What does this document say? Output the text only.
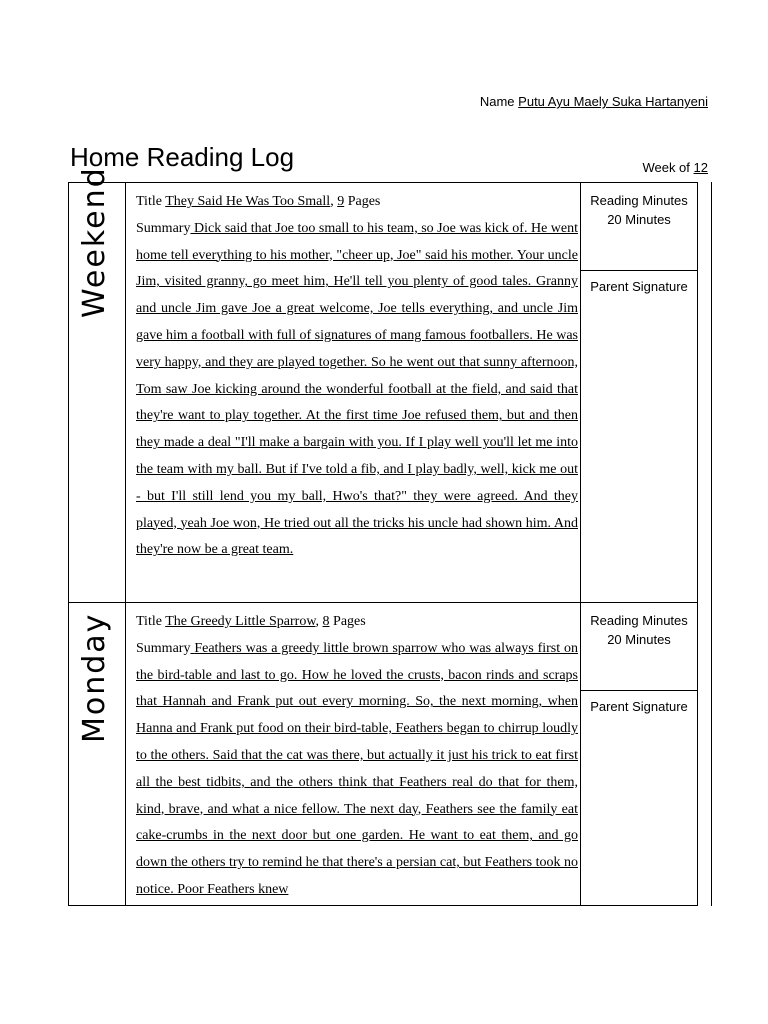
Name Putu Ayu Maely Suka Hartanyeni
Home Reading Log	Week of 12
Weekend Title They Said He Was Too Small, 9 Pages
Summary Dick said that Joe too small to his team, so Joe was kick of. He went home tell everything to his mother, "cheer up, Joe" said his mother. Your uncle Jim, visited granny, go meet him, He'll tell you plenty of good tales. Granny and uncle Jim gave Joe a great welcome, Joe tells everything, and uncle Jim gave him a football with full of signatures of mang famous footballers. He was very happy, and they are played together. So he went out that sunny afternoon, Tom saw Joe kicking around the wonderful football at the field, and said that they're want to play together. At the first time Joe refused them, but and then they made a deal "I'll make a bargain with you. If I play well you'll let me into the team with my ball. But if I've told a fib, and I play badly, well, kick me out - but I'll still lend you my ball, Hwo's that?" they were agreed. And they played, yeah Joe won, He tried out all the tricks his uncle had shown him. And they're now be a great team.
Reading Minutes
20 Minutes
Parent Signature
Monday Title The Greedy Little Sparrow, 8 Pages
Summary Feathers was a greedy little brown sparrow who was always first on the bird-table and last to go. How he loved the crusts, bacon rinds and scraps that Hannah and Frank put out every morning. So, the next morning, when Hanna and Frank put food on their bird-table, Feathers began to chirrup loudly to the others. Said that the cat was there, but actually it just his trick to eat first all the best tidbits, and the others think that Feathers real do that for them, kind, brave, and what a nice fellow. The next day, Feathers see the family eat cake-crumbs in the next door but one garden. He want to eat them, and go down the others try to remind he that there's a persian cat, but Feathers took no notice. Poor Feathers knew
Reading Minutes
20 Minutes
Parent Signature
